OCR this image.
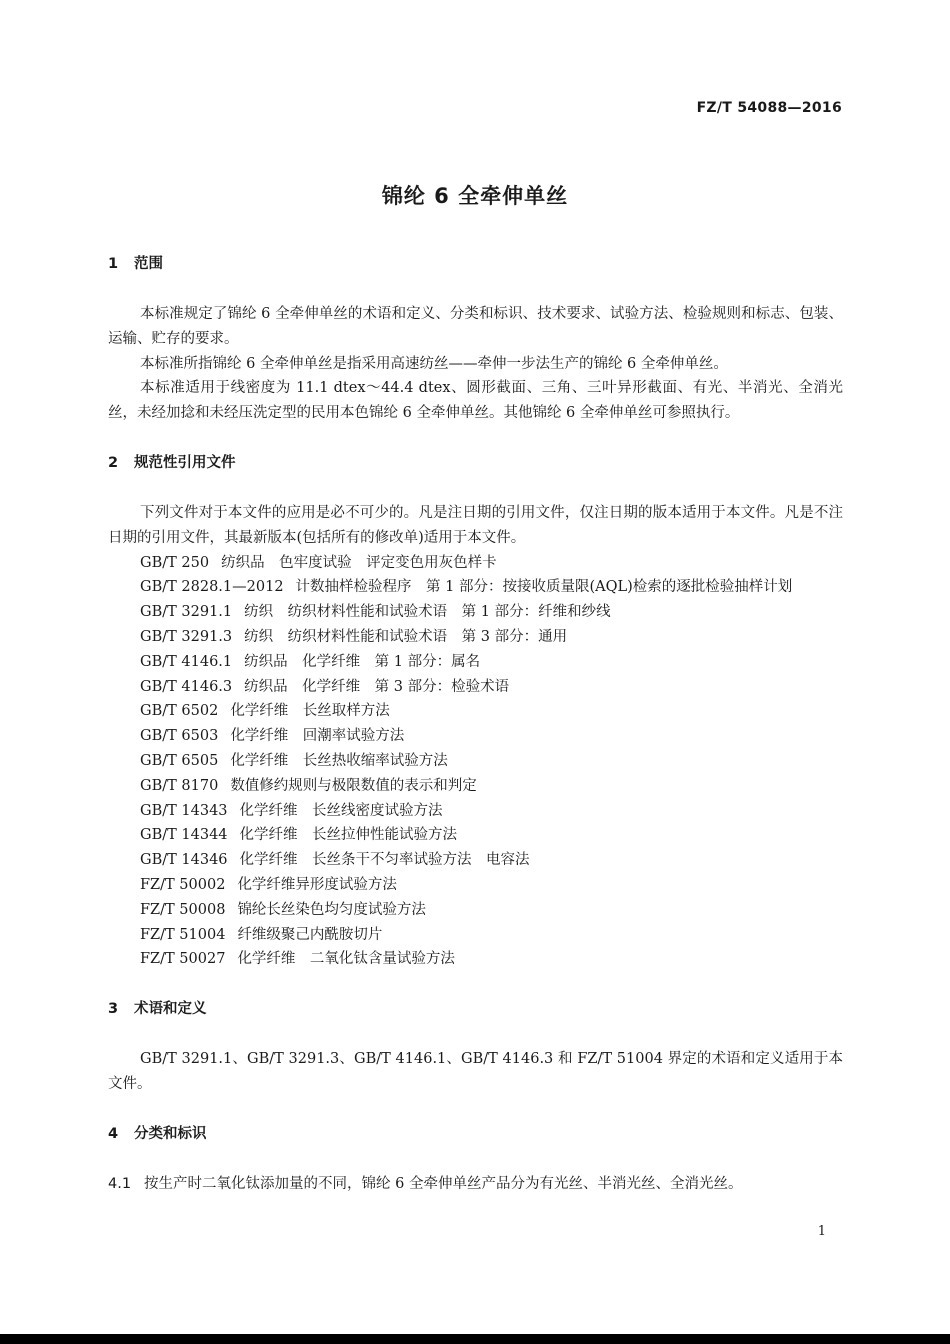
FZ/T 54088—2016
锦纶 6 全牵伸单丝
1 范围

本标准规定了锦纶 6 全牵伸单丝的术语和定义、分类和标识、技术要求、试验方法、检验规则和标志、包装、运输、贮存的要求。

本标准所指锦纶 6 全牵伸单丝是指采用高速纺丝——牵伸一步法生产的锦纶 6 全牵伸单丝。

本标准适用于线密度为 11.1 dtex～44.4 dtex、圆形截面、三角、三叶异形截面、有光、半消光、全消光丝，未经加捻和未经压洗定型的民用本色锦纶 6 全牵伸单丝。其他锦纶 6 全牵伸单丝可参照执行。

2 规范性引用文件

下列文件对于本文件的应用是必不可少的。凡是注日期的引用文件，仅注日期的版本适用于本文件。凡是不注日期的引用文件，其最新版本(包括所有的修改单)适用于本文件。

GB/T 250 纺织品　色牢度试验　评定变色用灰色样卡

GB/T 2828.1—2012 计数抽样检验程序　第 1 部分：按接收质量限(AQL)检索的逐批检验抽样计划

GB/T 3291.1 纺织　纺织材料性能和试验术语　第 1 部分：纤维和纱线

GB/T 3291.3 纺织　纺织材料性能和试验术语　第 3 部分：通用

GB/T 4146.1 纺织品　化学纤维　第 1 部分：属名

GB/T 4146.3 纺织品　化学纤维　第 3 部分：检验术语

GB/T 6502 化学纤维　长丝取样方法

GB/T 6503 化学纤维　回潮率试验方法

GB/T 6505 化学纤维　长丝热收缩率试验方法

GB/T 8170 数值修约规则与极限数值的表示和判定

GB/T 14343 化学纤维　长丝线密度试验方法

GB/T 14344 化学纤维　长丝拉伸性能试验方法

GB/T 14346 化学纤维　长丝条干不匀率试验方法　电容法

FZ/T 50002 化学纤维异形度试验方法

FZ/T 50008 锦纶长丝染色均匀度试验方法

FZ/T 51004 纤维级聚己内酰胺切片

FZ/T 50027 化学纤维　二氧化钛含量试验方法

3 术语和定义

GB/T 3291.1、GB/T 3291.3、GB/T 4146.1、GB/T 4146.3 和 FZ/T 51004 界定的术语和定义适用于本文件。

4 分类和标识

4.1 按生产时二氧化钛添加量的不同，锦纶 6 全牵伸单丝产品分为有光丝、半消光丝、全消光丝。

1
